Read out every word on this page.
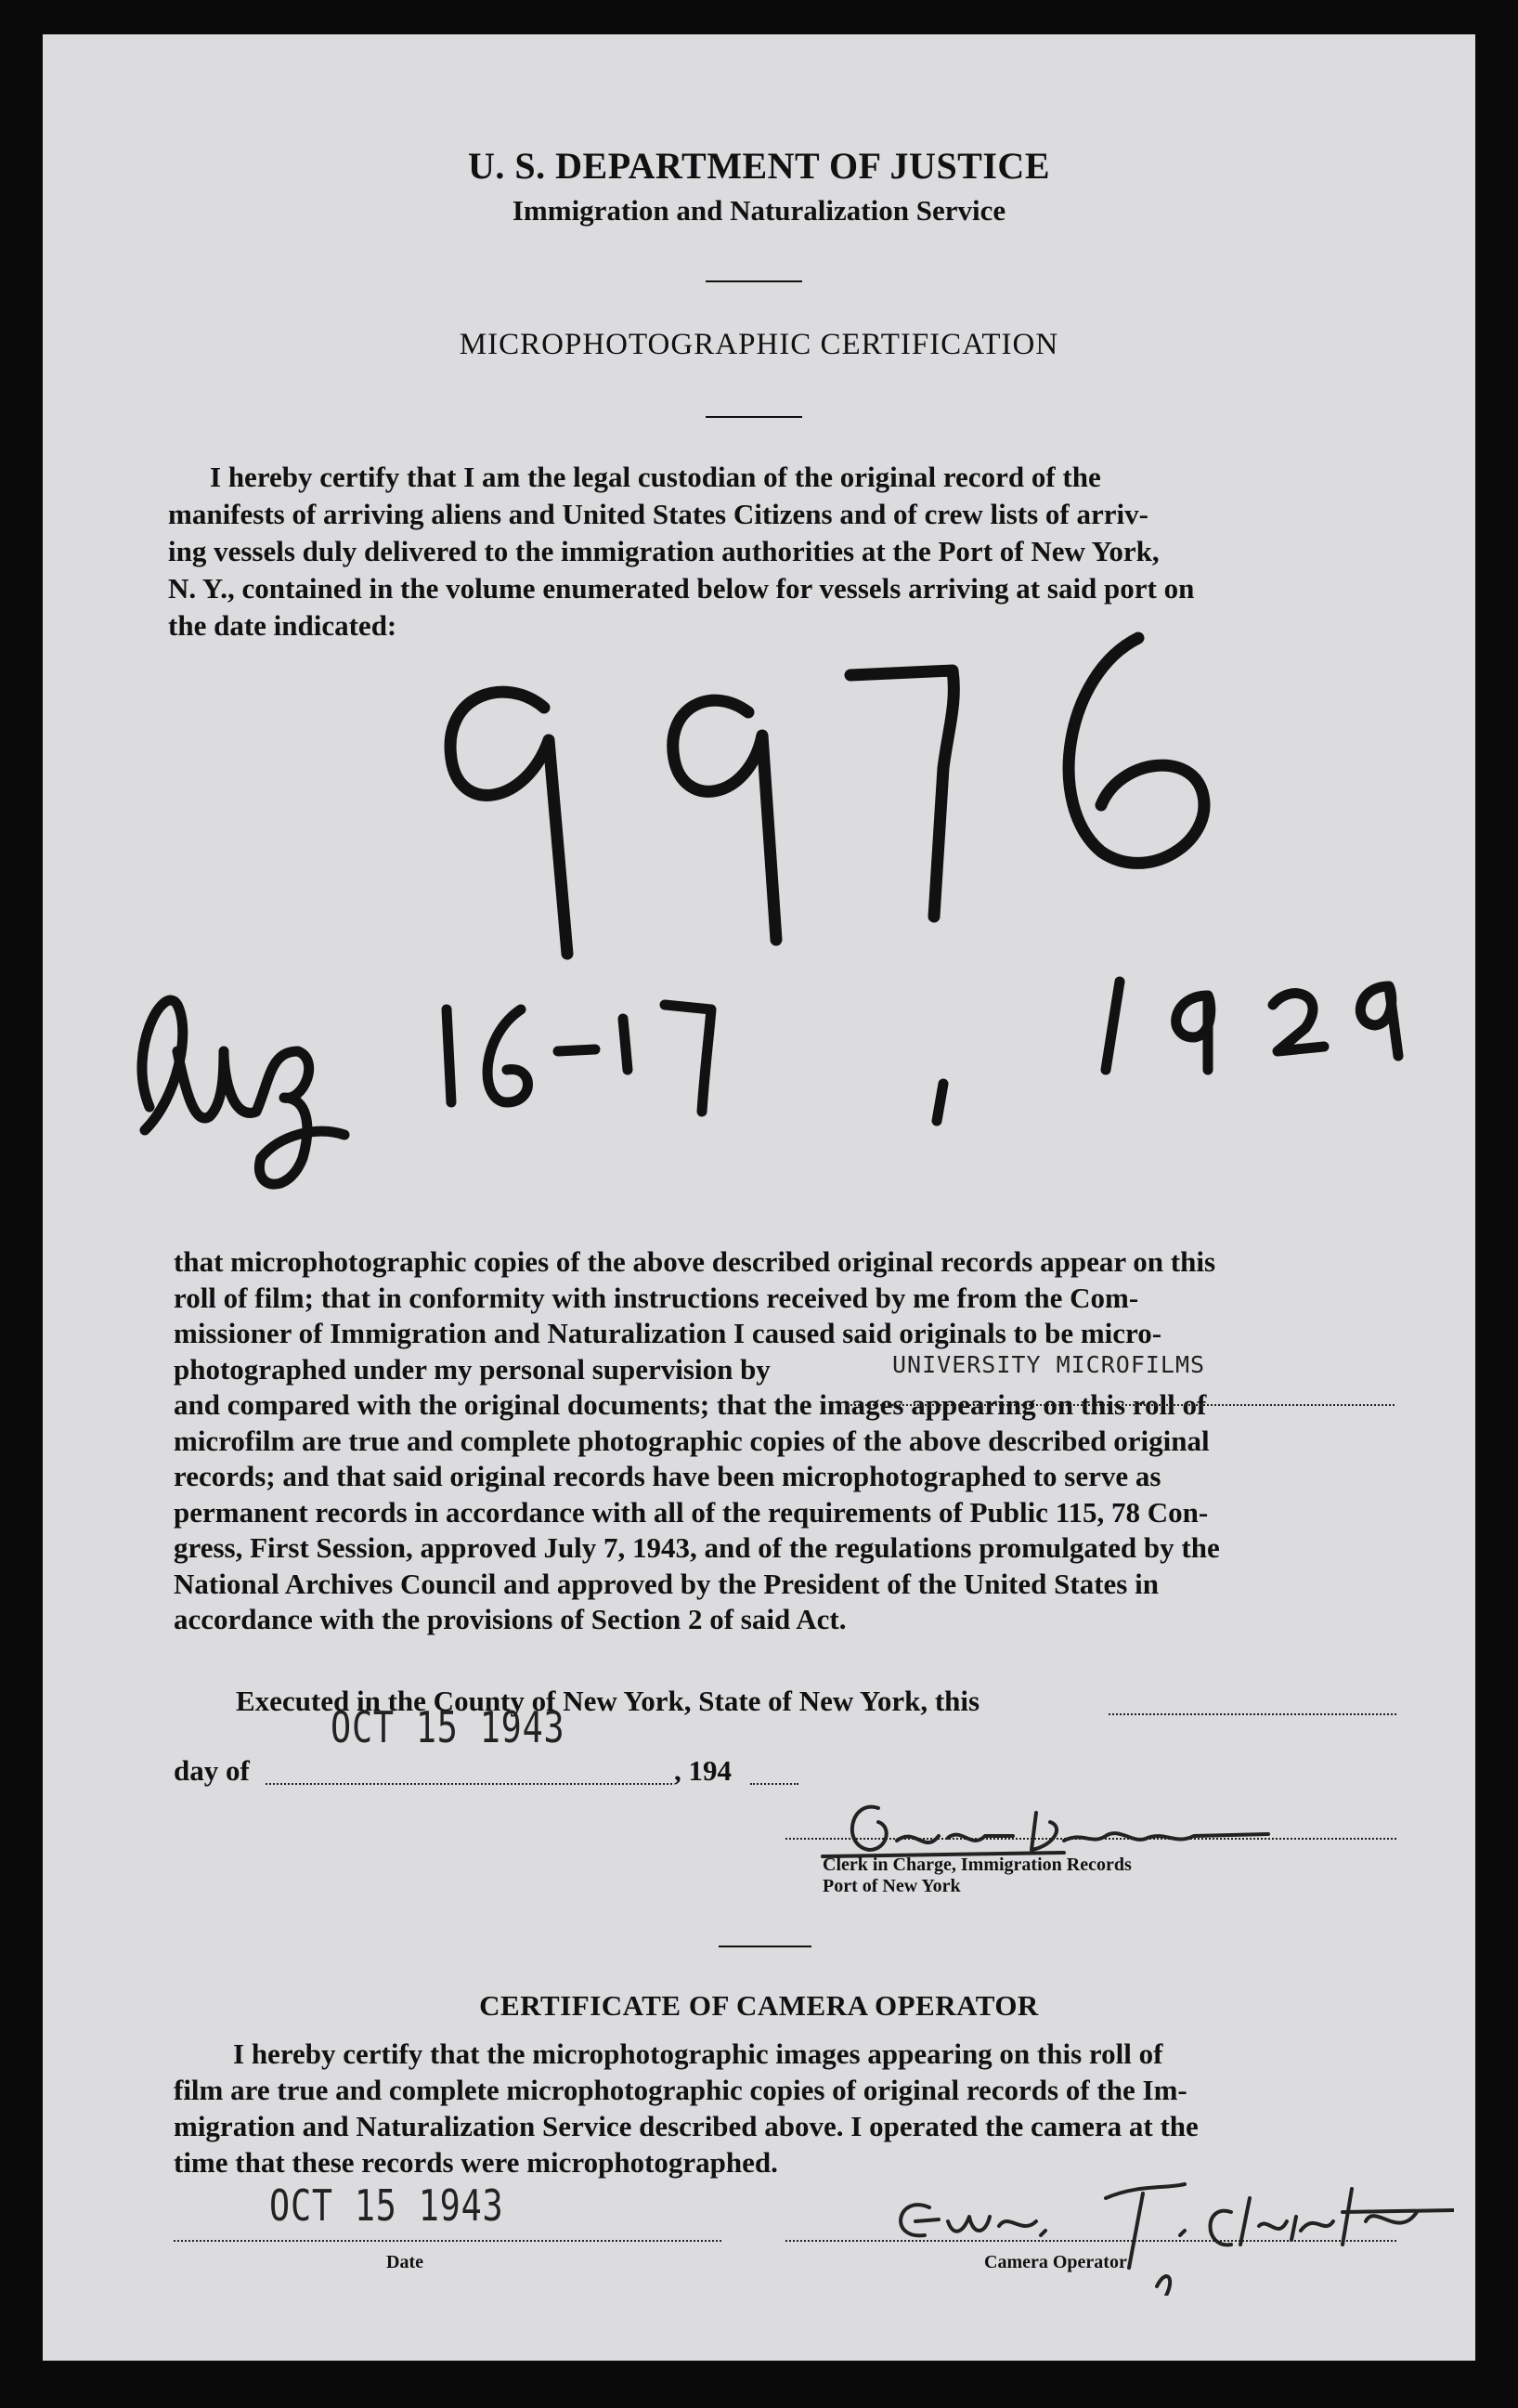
U. S. DEPARTMENT OF JUSTICE
Immigration and Naturalization Service
MICROPHOTOGRAPHIC CERTIFICATION
I hereby certify that I am the legal custodian of the original record of the
manifests of arriving aliens and United States Citizens and of crew lists of arriv-
ing vessels duly delivered to the immigration authorities at the Port of New York,
N. Y., contained in the volume enumerated below for vessels arriving at said port on
the date indicated:
that microphotographic copies of the above described original records appear on this
roll of film; that in conformity with instructions received by me from the Com-
missioner of Immigration and Naturalization I caused said originals to be micro-
photographed under my personal supervision by
and compared with the original documents; that the images appearing on this roll of
microfilm are true and complete photographic copies of the above described original
records; and that said original records have been microphotographed to serve as
permanent records in accordance with all of the requirements of Public 115, 78 Con-
gress, First Session, approved July 7, 1943, and of the regulations promulgated by the
National Archives Council and approved by the President of the United States in
accordance with the provisions of Section 2 of said Act.
UNIVERSITY MICROFILMS
Executed in the County of New York, State of New York, this
day of
OCT 15 1943
, 194
Clerk in Charge, Immigration Records
Port of New York
CERTIFICATE OF CAMERA OPERATOR
I hereby certify that the microphotographic images appearing on this roll of
film are true and complete microphotographic copies of original records of the Im-
migration and Naturalization Service described above. I operated the camera at the
time that these records were microphotographed.
OCT 15 1943
Date	Camera Operator
